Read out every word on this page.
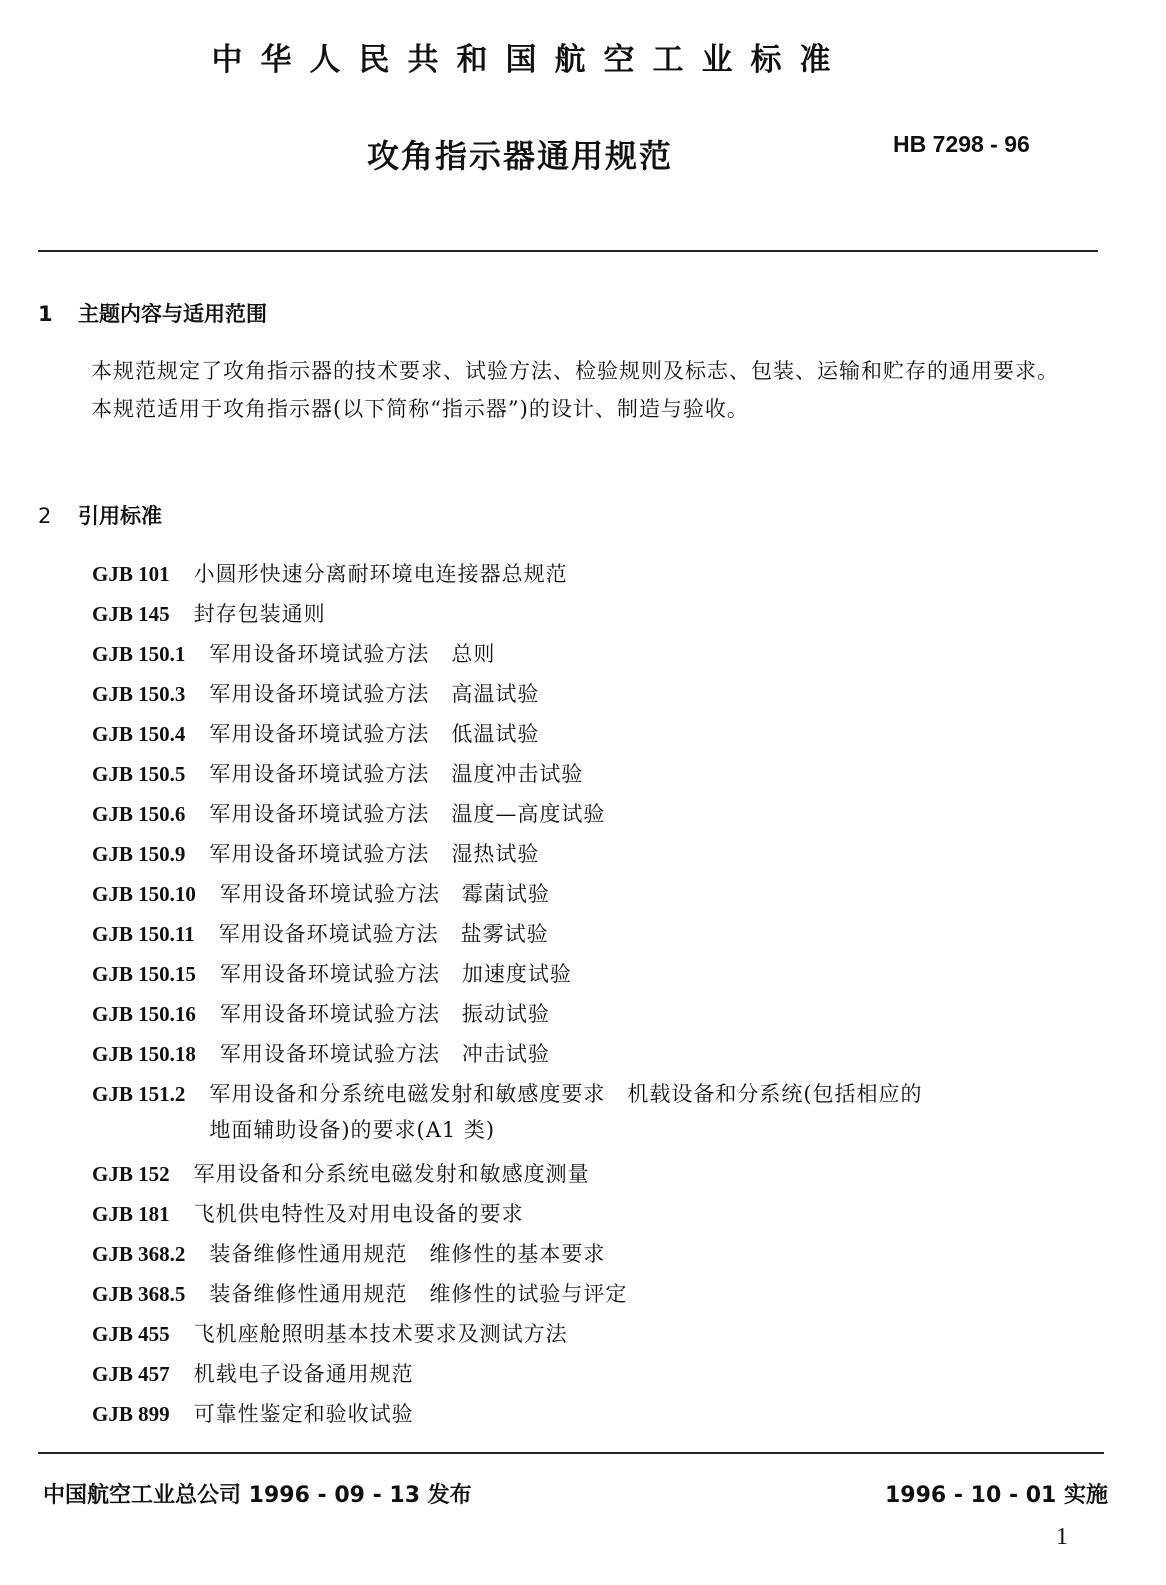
中华人民共和国航空工业标准
攻角指示器通用规范	HB 7298 - 96
1 主题内容与适用范围

本规范规定了攻角指示器的技术要求、试验方法、检验规则及标志、包装、运输和贮存的通用要求。

本规范适用于攻角指示器(以下简称“指示器”)的设计、制造与验收。

2 引用标准
GJB 101 小圆形快速分离耐环境电连接器总规范
GJB 145 封存包装通则
GJB 150.1 军用设备环境试验方法　总则
GJB 150.3 军用设备环境试验方法　高温试验
GJB 150.4 军用设备环境试验方法　低温试验
GJB 150.5 军用设备环境试验方法　温度冲击试验
GJB 150.6 军用设备环境试验方法　温度—高度试验
GJB 150.9 军用设备环境试验方法　湿热试验
GJB 150.10 军用设备环境试验方法　霉菌试验
GJB 150.11 军用设备环境试验方法　盐雾试验
GJB 150.15 军用设备环境试验方法　加速度试验
GJB 150.16 军用设备环境试验方法　振动试验
GJB 150.18 军用设备环境试验方法　冲击试验
GJB 151.2 军用设备和分系统电磁发射和敏感度要求　机载设备和分系统(包括相应的
地面辅助设备)的要求(A1 类)
GJB 152 军用设备和分系统电磁发射和敏感度测量
GJB 181 飞机供电特性及对用电设备的要求
GJB 368.2 装备维修性通用规范　维修性的基本要求
GJB 368.5 装备维修性通用规范　维修性的试验与评定
GJB 455 飞机座舱照明基本技术要求及测试方法
GJB 457 机载电子设备通用规范
GJB 899 可靠性鉴定和验收试验
中国航空工业总公司 1996 - 09 - 13 发布	1996 - 10 - 01 实施
1
